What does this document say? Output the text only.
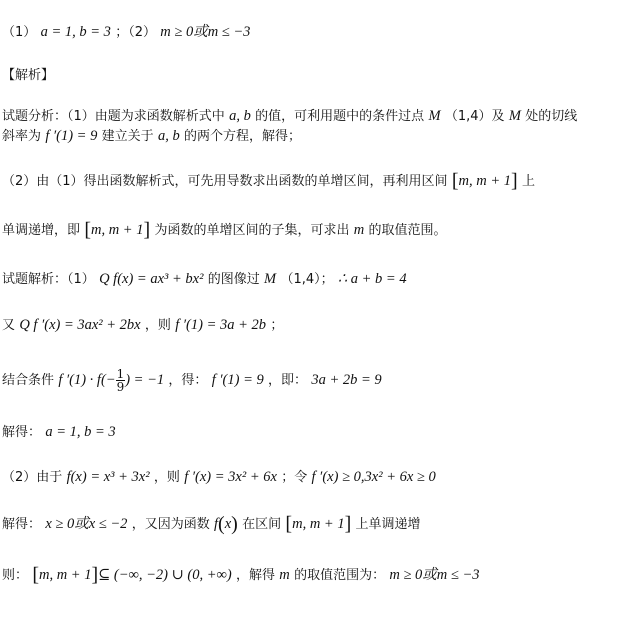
（1） a = 1, b = 3 ；（2） m ≥ 0或m ≤ −3
【解析】
试题分析：（1）由题为求函数解析式中 a, b 的值，可利用题中的条件过点 M （1,4）及 M 处的切线
斜率为 f ′(1) = 9 建立关于 a, b 的两个方程，解得；
（2）由（1）得出函数解析式，可先用导数求出函数的单增区间，再利用区间 [m, m + 1] 上
单调递增，即 [m, m + 1] 为函数的单增区间的子集，可求出 m 的取值范围。
试题解析：（1） Q f(x) = ax³ + bx² 的图像过 M （1,4）； ∴ a + b = 4
又 Q f ′(x) = 3ax² + 2bx ，则 f ′(1) = 3a + 2b ；
结合条件 f $'(1) \cdot f(- \frac{1}{9}$ ) = −1 ，得： f ′(1) = 9 ，即： 3a + 2b = 9
解得： a = 1, b = 3
（2）由于 f(x) = x³ + 3x² ，则 f ′(x) = 3x² + 6x ；令 f ′(x) ≥ 0,3x² + 6x ≥ 0
解得： x ≥ 0或x ≤ −2 ，又因为函数 f(x) 在区间 [m, m + 1] 上单调递增
则： [m, m + 1]⊆ (−∞, −2) ∪ (0, +∞) ，解得 m 的取值范围为： m ≥ 0或m ≤ −3
